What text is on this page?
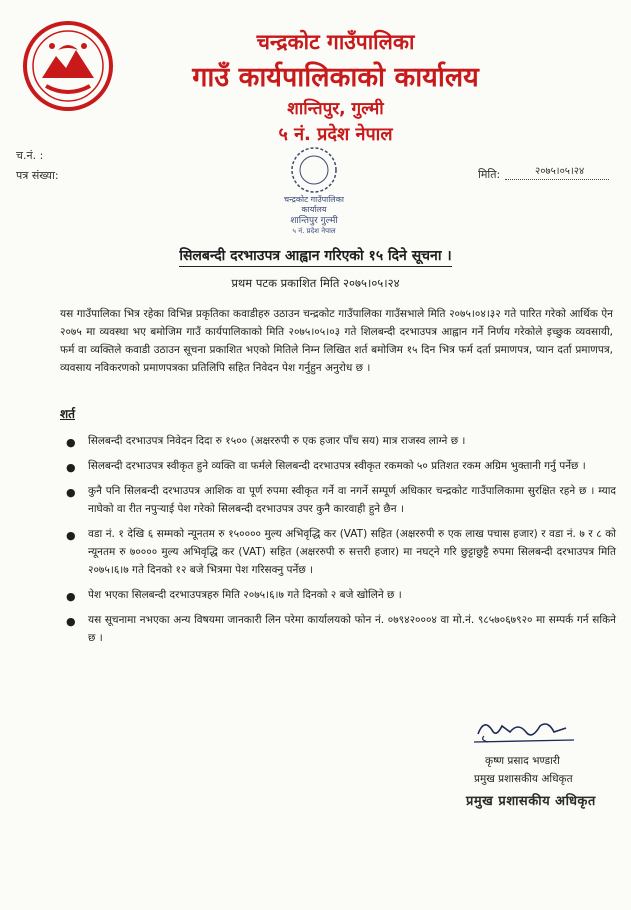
चन्द्रकोट गाउँपालिका
गाउँ कार्यपालिकाको कार्यालय
शान्तिपुर, गुल्मी
५ नं. प्रदेश नेपाल
च.नं. :
पत्र संख्या:	मिति:	२०७५।०५।२४
चन्द्रकोट गाउँपालिका
कार्यालय
शान्तिपुर गुल्मी
५ नं. प्रदेश नेपाल
सिलबन्दी दरभाउपत्र आह्वान गरिएको १५ दिने सूचना ।
प्रथम पटक प्रकाशित मिति २०७५।०५।२४
यस गाउँपालिका भित्र रहेका विभिन्न प्रकृतिका कवाडीहरु उठाउन चन्द्रकोट गाउँपालिका गाउँसभाले मिति २०७५।०४।३२ गते पारित गरेको आर्थिक ऐन २०७५ मा व्यवस्था भए बमोजिम गाउँ कार्यपालिकाको मिति २०७५।०५।०३ गते शिलबन्दी दरभाउपत्र आह्वान गर्ने निर्णय गरेकोले इच्छुक व्यवसायी, फर्म वा व्यक्तिले कवाडी उठाउन सूचना प्रकाशित भएको मितिले निम्न लिखित शर्त बमोजिम १५ दिन भित्र फर्म दर्ता प्रमाणपत्र, प्यान दर्ता प्रमाणपत्र, व्यवसाय नविकरणको प्रमाणपत्रका प्रतिलिपि सहित निवेदन पेश गर्नुहुन अनुरोध छ ।
शर्त
● सिलबन्दी दरभाउपत्र निवेदन दिदा रु १५०० (अक्षररुपी रु एक हजार पाँच सय) मात्र राजस्व लाग्ने छ ।
● सिलबन्दी दरभाउपत्र स्वीकृत हुने व्यक्ति वा फर्मले सिलबन्दी दरभाउपत्र स्वीकृत रकमको ५० प्रतिशत रकम अग्रिम भुक्तानी गर्नु पर्नेछ ।
● कुनै पनि सिलबन्दी दरभाउपत्र आशिक वा पूर्ण रुपमा स्वीकृत गर्ने वा नगर्ने सम्पूर्ण अधिकार चन्द्रकोट गाउँपालिकामा सुरक्षित रहने छ । म्याद नाघेको वा रीत नपुर्‍याई पेश गरेको सिलबन्दी दरभाउपत्र उपर कुनै कारवाही हुने छैन ।
● वडा नं. १ देखि ६ सम्मको न्यूनतम रु १५०००० मुल्य अभिवृद्धि कर (VAT) सहित (अक्षररुपी रु एक लाख पचास हजार) र वडा नं. ७ र ८ को न्यूनतम रु ७०००० मुल्य अभिवृद्धि कर (VAT) सहित (अक्षररुपी रु सत्तरी हजार) मा नघट्ने गरि छुट्टाछुट्टै रुपमा सिलबन्दी दरभाउपत्र मिति २०७५।६।७ गते दिनको १२ बजे भित्रमा पेश गरिसक्नु पर्नेछ ।
● पेश भएका सिलबन्दी दरभाउपत्रहरु मिति २०७५।६।७ गते दिनको २ बजे खोलिने छ ।
● यस सूचनामा नभएका अन्य विषयमा जानकारी लिन परेमा कार्यालयको फोन नं. ०७९४२०००४ वा मो.नं. ९८५७०६७९२० मा सम्पर्क गर्न सकिने छ ।
कृष्ण प्रसाद भण्डारी
प्रमुख प्रशासकीय अधिकृत
प्रमुख प्रशासकीय अधिकृत
